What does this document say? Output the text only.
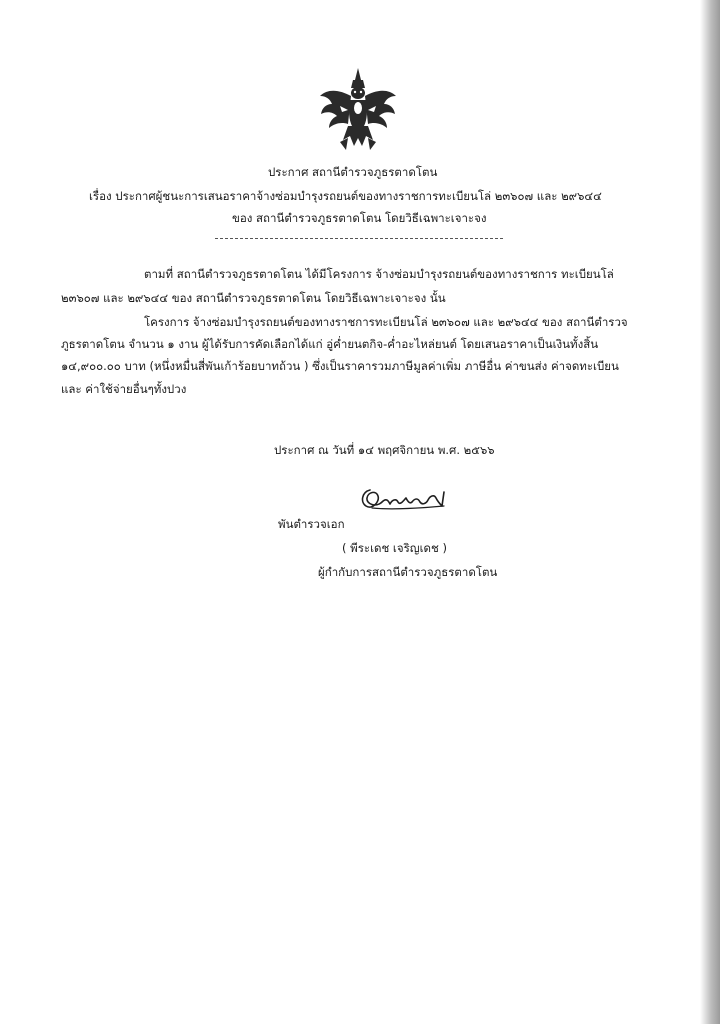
ประกาศ สถานีตำรวจภูธรตาดโตน
เรื่อง ประกาศผู้ชนะการเสนอราคาจ้างซ่อมบำรุงรถยนต์ของทางราชการทะเบียนโล่ ๒๓๖๐๗ และ ๒๙๖๔๔
ของ สถานีตำรวจภูธรตาดโตน โดยวิธีเฉพาะเจาะจง
ตามที่ สถานีตำรวจภูธรตาดโตน ได้มีโครงการ จ้างซ่อมบำรุงรถยนต์ของทางราชการ ทะเบียนโล่
๒๓๖๐๗ และ ๒๙๖๔๔ ของ สถานีตำรวจภูธรตาดโตน โดยวิธีเฉพาะเจาะจง นั้น
โครงการ จ้างซ่อมบำรุงรถยนต์ของทางราชการทะเบียนโล่ ๒๓๖๐๗ และ ๒๙๖๔๔ ของ สถานีตำรวจ
ภูธรตาดโตน จำนวน ๑ งาน ผู้ได้รับการคัดเลือกได้แก่ อู่ค่ำยนตกิจ-ค่ำอะไหล่ยนต์ โดยเสนอราคาเป็นเงินทั้งสิ้น
๑๔,๙๐๐.๐๐ บาท (หนึ่งหมื่นสี่พันเก้าร้อยบาทถ้วน ) ซึ่งเป็นราคารวมภาษีมูลค่าเพิ่ม ภาษีอื่น ค่าขนส่ง ค่าจดทะเบียน
และ ค่าใช้จ่ายอื่นๆทั้งปวง
ประกาศ ณ วันที่ ๑๔ พฤศจิกายน พ.ศ. ๒๕๖๖
พันตำรวจเอก
( พีระเดช เจริญเดช )
ผู้กำกับการสถานีตำรวจภูธรตาดโตน
